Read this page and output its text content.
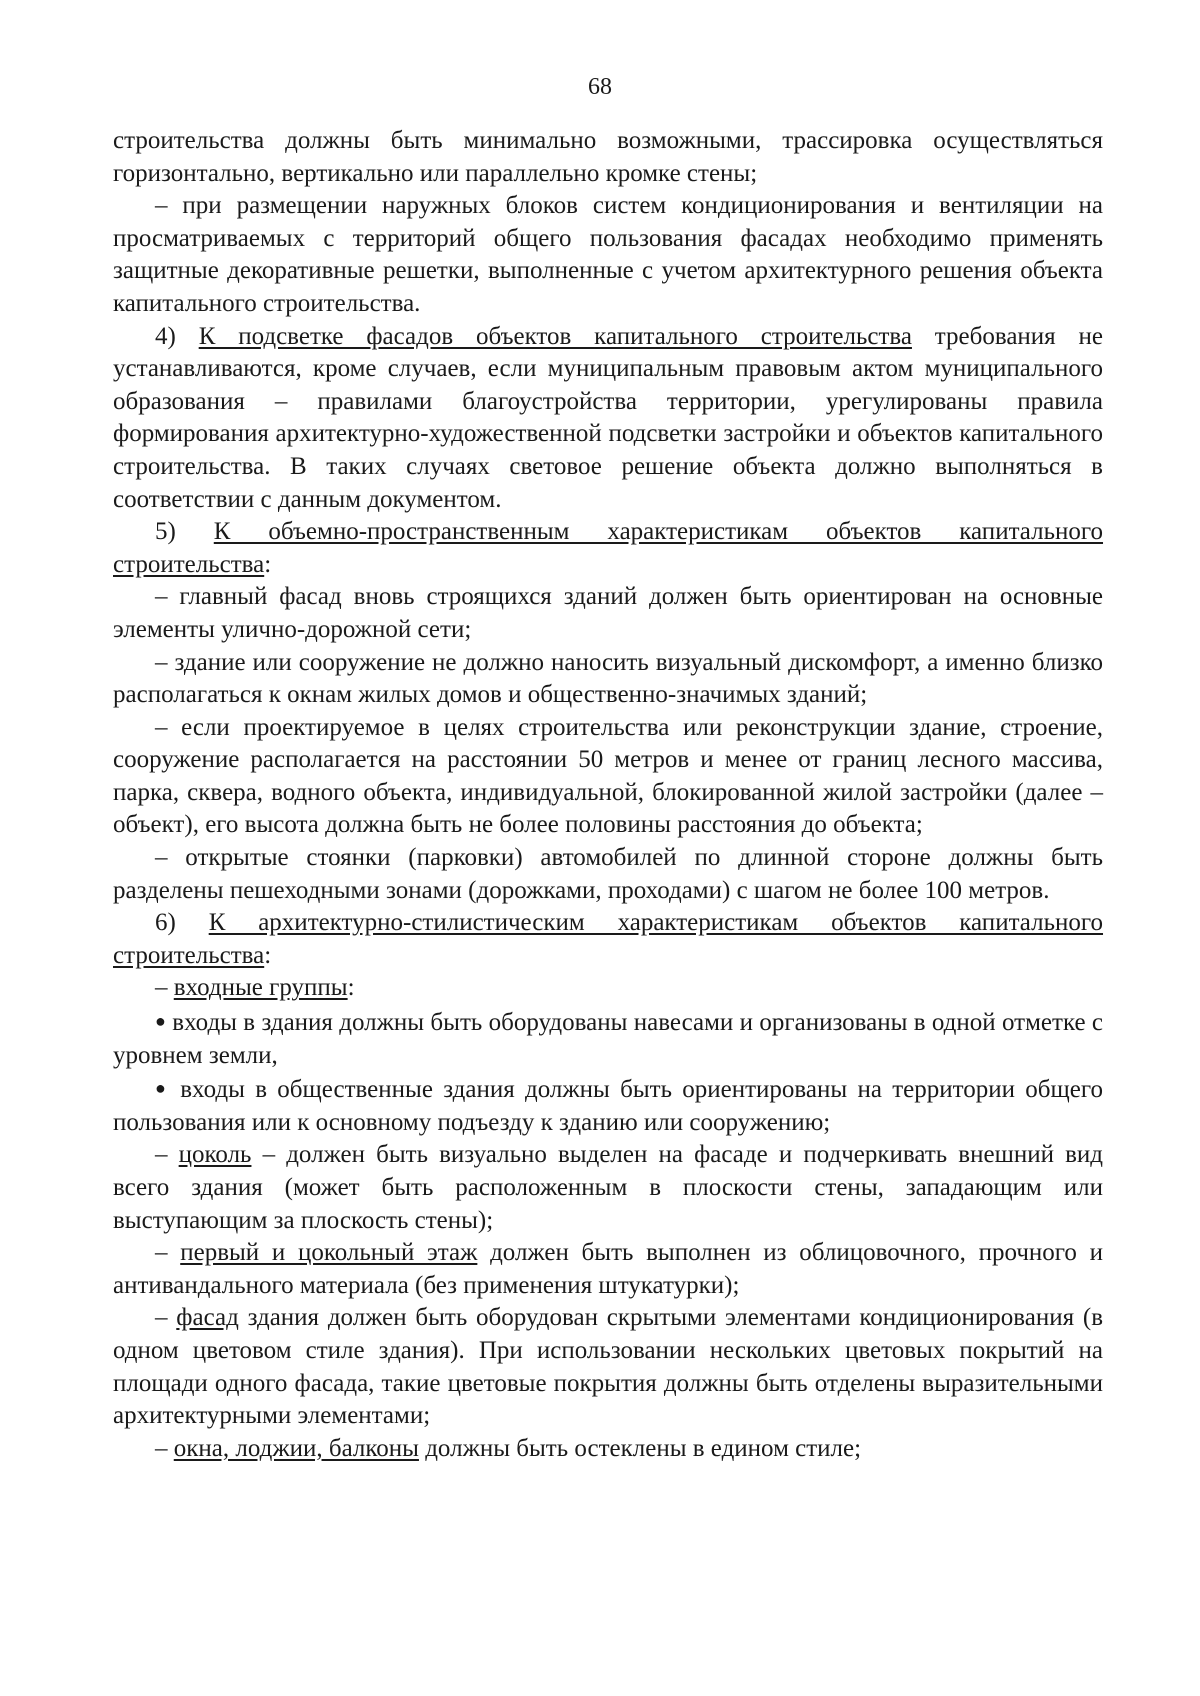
68

строительства должны быть минимально возможными, трассировка осуществляться горизонтально, вертикально или параллельно кромке стены;

– при размещении наружных блоков систем кондиционирования и вентиляции на просматриваемых с территорий общего пользования фасадах необходимо применять защитные декоративные решетки, выполненные с учетом архитектурного решения объекта капитального строительства.

4) К подсветке фасадов объектов капитального строительства требования не устанавливаются, кроме случаев, если муниципальным правовым актом муниципального образования – правилами благоустройства территории, урегулированы правила формирования архитектурно-художественной подсветки застройки и объектов капитального строительства. В таких случаях световое решение объекта должно выполняться в соответствии с данным документом.

5) К объемно-пространственным характеристикам объектов капитального строительства:

– главный фасад вновь строящихся зданий должен быть ориентирован на основные элементы улично-дорожной сети;

– здание или сооружение не должно наносить визуальный дискомфорт, а именно близко располагаться к окнам жилых домов и общественно-значимых зданий;

– если проектируемое в целях строительства или реконструкции здание, строение, сооружение располагается на расстоянии 50 метров и менее от границ лесного массива, парка, сквера, водного объекта, индивидуальной, блокированной жилой застройки (далее – объект), его высота должна быть не более половины расстояния до объекта;

– открытые стоянки (парковки) автомобилей по длинной стороне должны быть разделены пешеходными зонами (дорожками, проходами) с шагом не более 100 метров.

6) К архитектурно-стилистическим характеристикам объектов капитального строительства:

– входные группы:

● входы в здания должны быть оборудованы навесами и организованы в одной отметке с уровнем земли,

● входы в общественные здания должны быть ориентированы на территории общего пользования или к основному подъезду к зданию или сооружению;

– цоколь – должен быть визуально выделен на фасаде и подчеркивать внешний вид всего здания (может быть расположенным в плоскости стены, западающим или выступающим за плоскость стены);

– первый и цокольный этаж должен быть выполнен из облицовочного, прочного и антивандального материала (без применения штукатурки);

– фасад здания должен быть оборудован скрытыми элементами кондиционирования (в одном цветовом стиле здания). При использовании нескольких цветовых покрытий на площади одного фасада, такие цветовые покрытия должны быть отделены выразительными архитектурными элементами;

– окна, лоджии, балконы должны быть остеклены в едином стиле;
